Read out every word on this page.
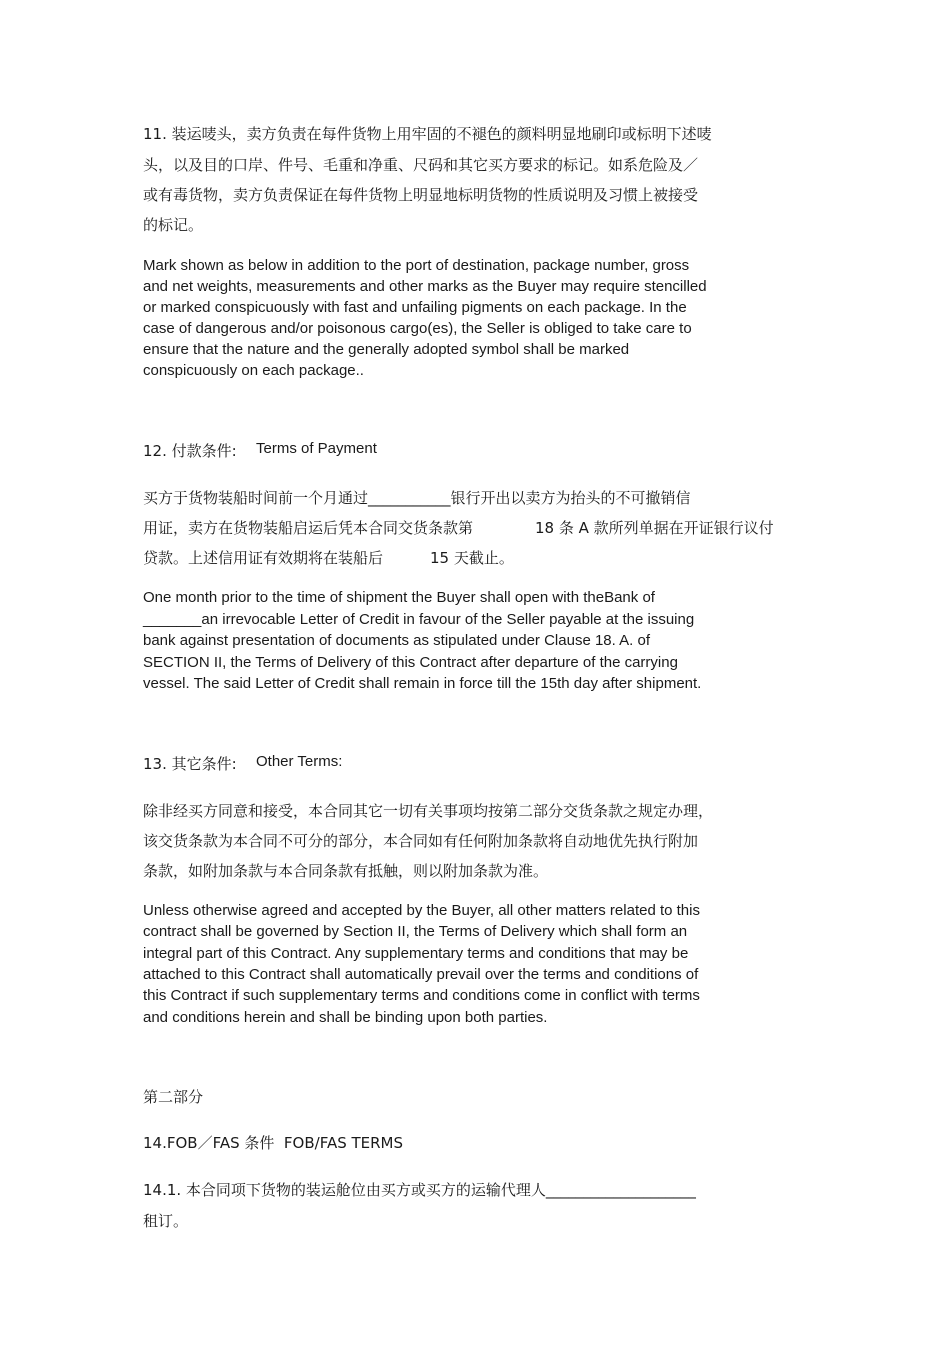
11. 装运唛头，卖方负责在每件货物上用牢固的不褪色的颜料明显地刷印或标明下述唛
头，以及目的口岸、件号、毛重和净重、尺码和其它买方要求的标记。如系危险及／
或有毒货物，卖方负责保证在每件货物上明显地标明货物的性质说明及习惯上被接受
的标记。
Mark shown as below in addition to the port of destination, package number, gross
and net weights, measurements and other marks as the Buyer may require stencilled
or marked conspicuously with fast and unfailing pigments on each package. In the
case of dangerous and/or poisonous cargo(es), the Seller is obliged to take care to
ensure that the nature and the generally adopted symbol shall be marked
conspicuously on each package..
12. 付款条件: Terms of Payment
买方于货物装船时间前一个月通过___________银行开出以卖方为抬头的不可撤销信
用证，卖方在货物装船启运后凭本合同交货条款第	18 条 A 款所列单据在开证银行议付
贷款。上述信用证有效期将在装船后	15 天截止。
One month prior to the time of shipment the Buyer shall open with theBank of
_______an irrevocable Letter of Credit in favour of the Seller payable at the issuing
bank against presentation of documents as stipulated under Clause 18. A. of
SECTION II, the Terms of Delivery of this Contract after departure of the carrying
vessel. The said Letter of Credit shall remain in force till the 15th day after shipment.
13. 其它条件: Other Terms:
除非经买方同意和接受，本合同其它一切有关事项均按第二部分交货条款之规定办理，
该交货条款为本合同不可分的部分，本合同如有任何附加条款将自动地优先执行附加
条款，如附加条款与本合同条款有抵触，则以附加条款为准。
Unless otherwise agreed and accepted by the Buyer, all other matters related to this
contract shall be governed by Section II, the Terms of Delivery which shall form an
integral part of this Contract. Any supplementary terms and conditions that may be
attached to this Contract shall automatically prevail over the terms and conditions of
this Contract if such supplementary terms and conditions come in conflict with terms
and conditions herein and shall be binding upon both parties.
第二部分
14.FOB／FAS 条件  FOB/FAS TERMS
14.1. 本合同项下货物的装运舱位由买方或买方的运输代理人____________________
租订。
